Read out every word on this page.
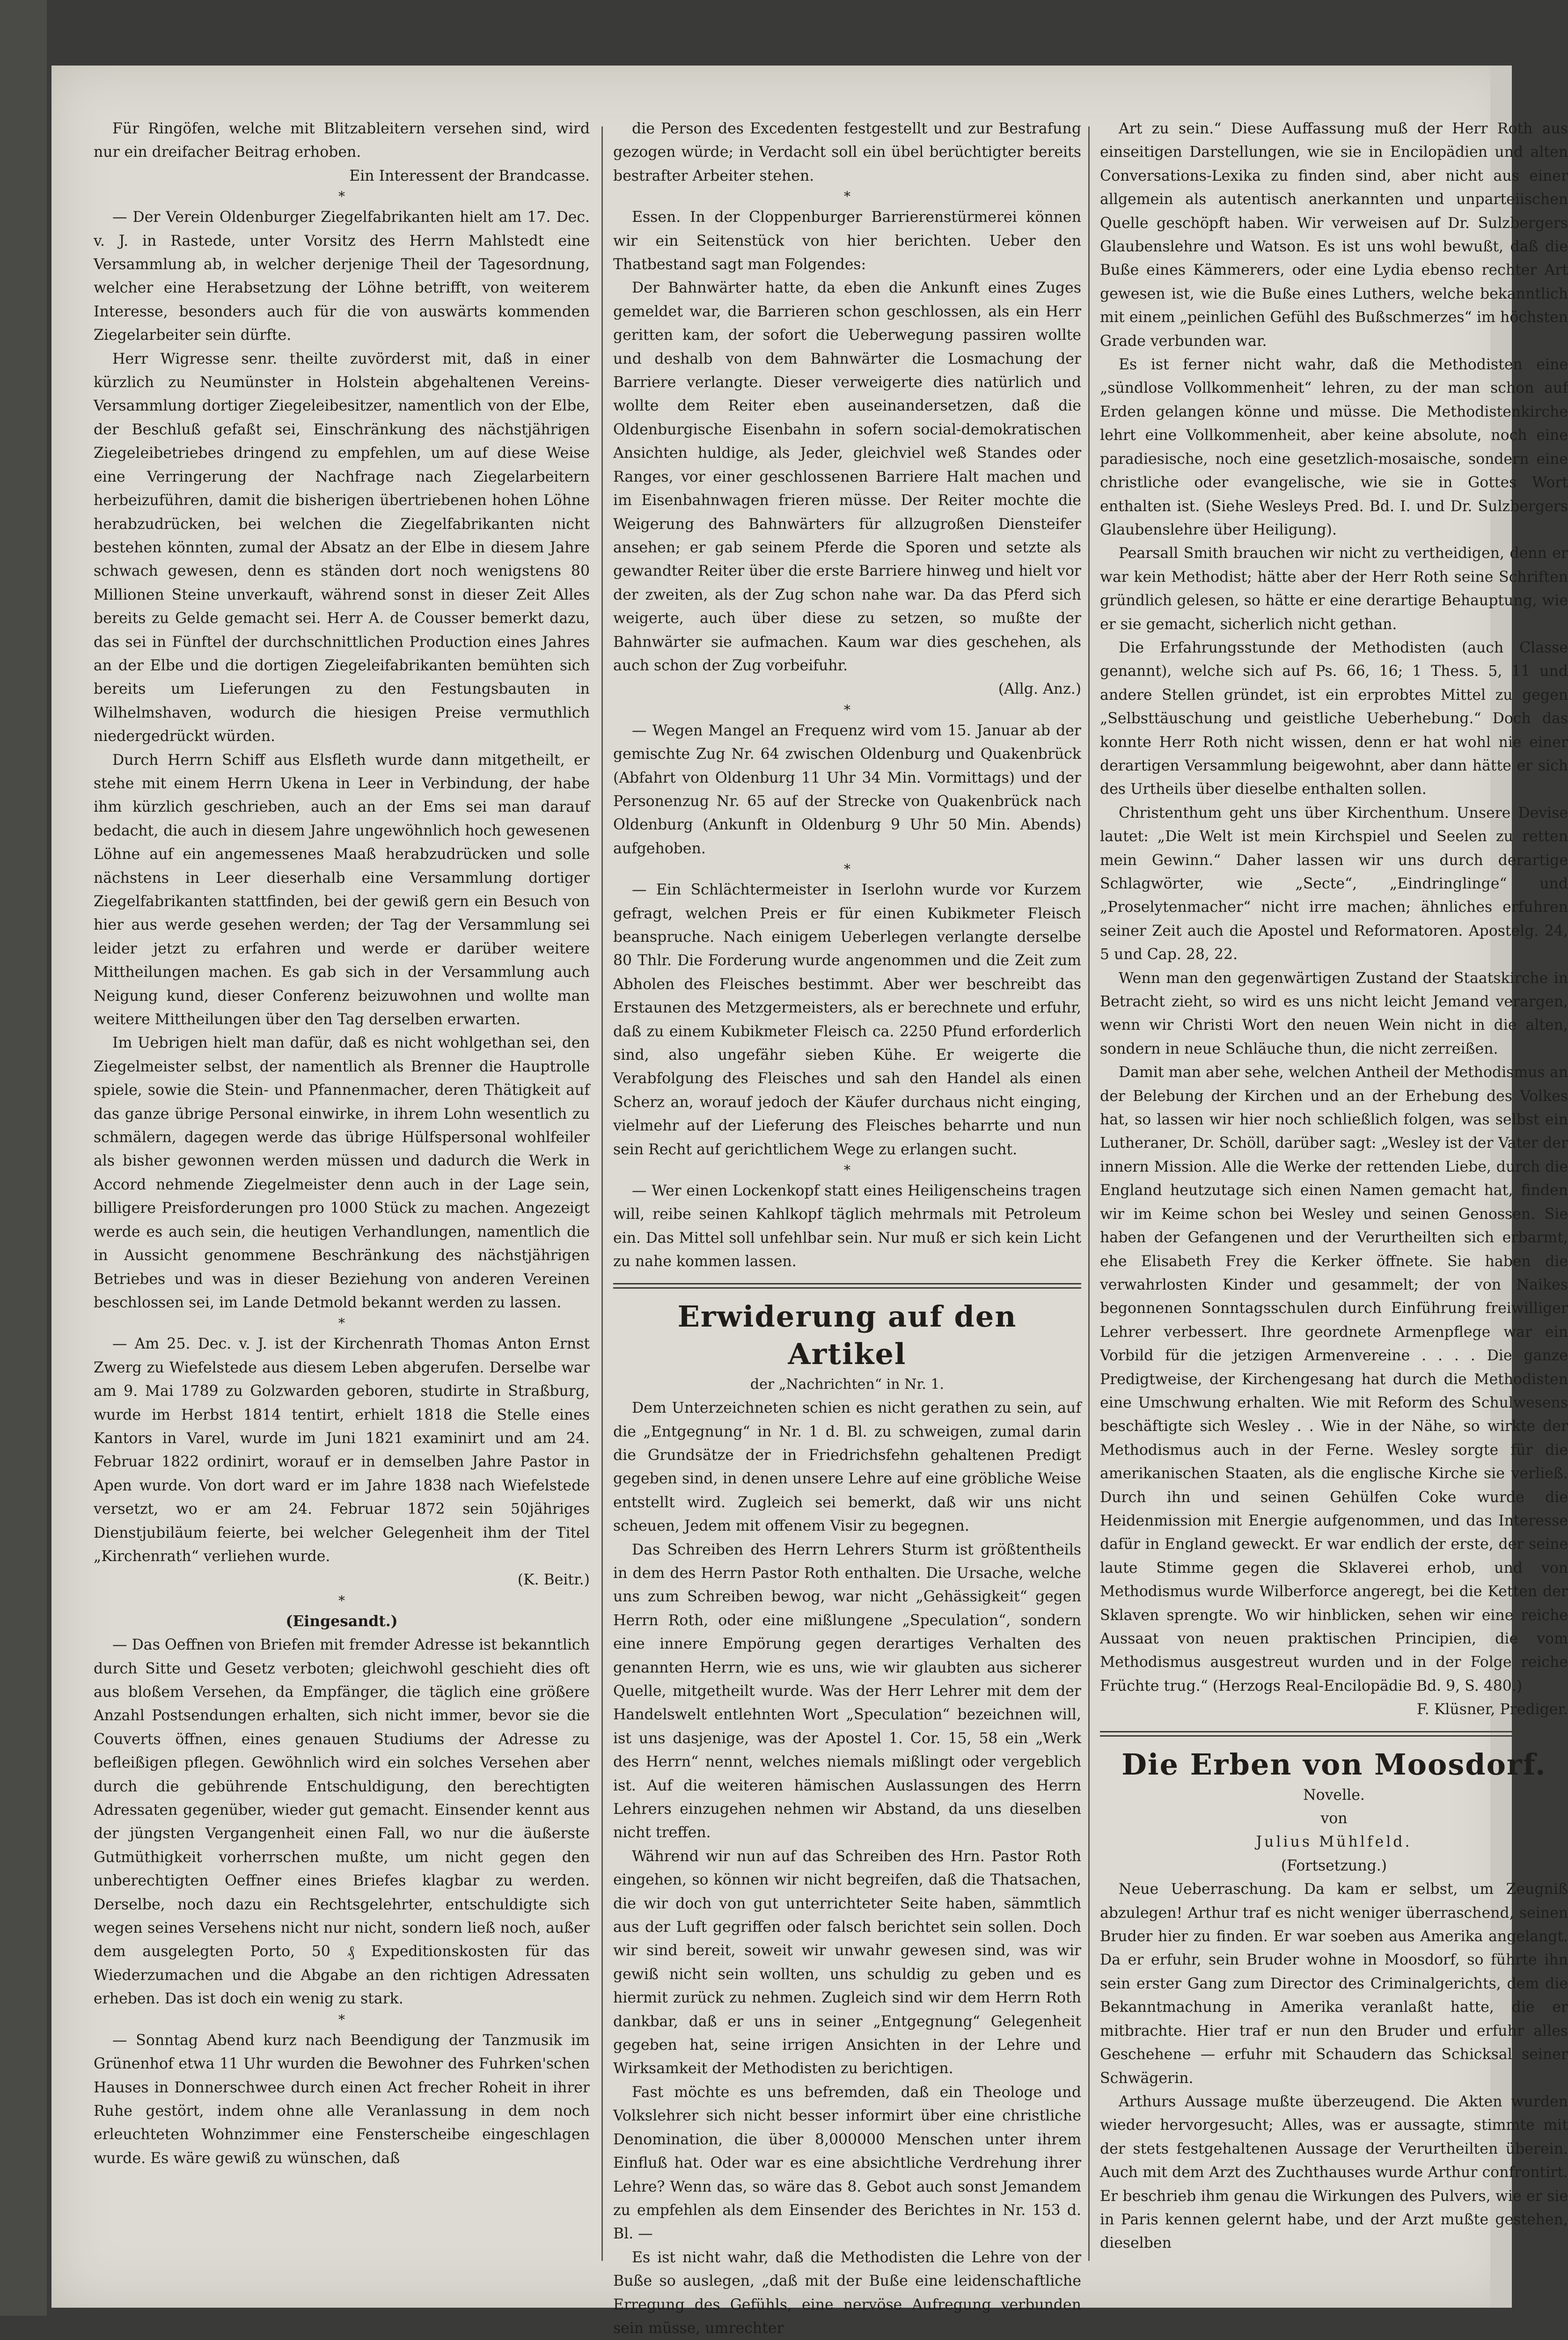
Für Ringöfen, welche mit Blitzableitern versehen sind, wird nur ein dreifacher Beitrag erhoben.

Ein Interessent der Brandcasse.

*

— Der Verein Oldenburger Ziegelfabrikanten hielt am 17. Dec. v. J. in Rastede, unter Vorsitz des Herrn Mahlstedt eine Versammlung ab, in welcher derjenige Theil der Tagesordnung, welcher eine Herabsetzung der Löhne betrifft, von weiterem Interesse, besonders auch für die von auswärts kommenden Ziegelarbeiter sein dürfte.

Herr Wigresse senr. theilte zuvörderst mit, daß in einer kürzlich zu Neumünster in Holstein abgehaltenen Vereins-Versammlung dortiger Ziegeleibesitzer, namentlich von der Elbe, der Beschluß gefaßt sei, Einschränkung des nächstjährigen Ziegeleibetriebes dringend zu empfehlen, um auf diese Weise eine Verringerung der Nachfrage nach Ziegelarbeitern herbeizuführen, damit die bisherigen übertriebenen hohen Löhne herabzudrücken, bei welchen die Ziegelfabrikanten nicht bestehen könnten, zumal der Absatz an der Elbe in diesem Jahre schwach gewesen, denn es ständen dort noch wenigstens 80 Millionen Steine unverkauft, während sonst in dieser Zeit Alles bereits zu Gelde gemacht sei. Herr A. de Cousser bemerkt dazu, das sei in Fünftel der durchschnittlichen Production eines Jahres an der Elbe und die dortigen Ziegeleifabrikanten bemühten sich bereits um Lieferungen zu den Festungsbauten in Wilhelmshaven, wodurch die hiesigen Preise vermuthlich niedergedrückt würden.

Durch Herrn Schiff aus Elsfleth wurde dann mitgetheilt, er stehe mit einem Herrn Ukena in Leer in Verbindung, der habe ihm kürzlich geschrieben, auch an der Ems sei man darauf bedacht, die auch in diesem Jahre ungewöhnlich hoch gewesenen Löhne auf ein angemessenes Maaß herabzudrücken und solle nächstens in Leer dieserhalb eine Versammlung dortiger Ziegelfabrikanten stattfinden, bei der gewiß gern ein Besuch von hier aus werde gesehen werden; der Tag der Versammlung sei leider jetzt zu erfahren und werde er darüber weitere Mittheilungen machen. Es gab sich in der Versammlung auch Neigung kund, dieser Conferenz beizuwohnen und wollte man weitere Mittheilungen über den Tag derselben erwarten.

Im Uebrigen hielt man dafür, daß es nicht wohlgethan sei, den Ziegelmeister selbst, der namentlich als Brenner die Hauptrolle spiele, sowie die Stein- und Pfannenmacher, deren Thätigkeit auf das ganze übrige Personal einwirke, in ihrem Lohn wesentlich zu schmälern, dagegen werde das übrige Hülfspersonal wohlfeiler als bisher gewonnen werden müssen und dadurch die Werk in Accord nehmende Ziegelmeister denn auch in der Lage sein, billigere Preisforderungen pro 1000 Stück zu machen. Angezeigt werde es auch sein, die heutigen Verhandlungen, namentlich die in Aussicht genommene Beschränkung des nächstjährigen Betriebes und was in dieser Beziehung von anderen Vereinen beschlossen sei, im Lande Detmold bekannt werden zu lassen.

*

— Am 25. Dec. v. J. ist der Kirchenrath Thomas Anton Ernst Zwerg zu Wiefelstede aus diesem Leben abgerufen. Derselbe war am 9. Mai 1789 zu Golzwarden geboren, studirte in Straßburg, wurde im Herbst 1814 tentirt, erhielt 1818 die Stelle eines Kantors in Varel, wurde im Juni 1821 examinirt und am 24. Februar 1822 ordinirt, worauf er in demselben Jahre Pastor in Apen wurde. Von dort ward er im Jahre 1838 nach Wiefelstede versetzt, wo er am 24. Februar 1872 sein 50jähriges Dienstjubiläum feierte, bei welcher Gelegenheit ihm der Titel „Kirchenrath“ verliehen wurde.

(K. Beitr.)

*

(Eingesandt.)

— Das Oeffnen von Briefen mit fremder Adresse ist bekanntlich durch Sitte und Gesetz verboten; gleichwohl geschieht dies oft aus bloßem Versehen, da Empfänger, die täglich eine größere Anzahl Postsendungen erhalten, sich nicht immer, bevor sie die Couverts öffnen, eines genauen Studiums der Adresse zu befleißigen pflegen. Gewöhnlich wird ein solches Versehen aber durch die gebührende Entschuldigung, den berechtigten Adressaten gegenüber, wieder gut gemacht. Einsender kennt aus der jüngsten Vergangenheit einen Fall, wo nur die äußerste Gutmüthigkeit vorherrschen mußte, um nicht gegen den unberechtigten Oeffner eines Briefes klagbar zu werden. Derselbe, noch dazu ein Rechtsgelehrter, entschuldigte sich wegen seines Versehens nicht nur nicht, sondern ließ noch, außer dem ausgelegten Porto, 50 ₰ Expeditionskosten für das Wiederzumachen und die Abgabe an den richtigen Adressaten erheben. Das ist doch ein wenig zu stark.

*

— Sonntag Abend kurz nach Beendigung der Tanzmusik im Grünenhof etwa 11 Uhr wurden die Bewohner des Fuhrken'schen Hauses in Donnerschwee durch einen Act frecher Roheit in ihrer Ruhe gestört, indem ohne alle Veranlassung in dem noch erleuchteten Wohnzimmer eine Fensterscheibe eingeschlagen wurde. Es wäre gewiß zu wünschen, daß

die Person des Excedenten festgestellt und zur Bestrafung gezogen würde; in Verdacht soll ein übel berüchtigter bereits bestrafter Arbeiter stehen.

*

Essen. In der Cloppenburger Barrierenstürmerei können wir ein Seitenstück von hier berichten. Ueber den Thatbestand sagt man Folgendes:

Der Bahnwärter hatte, da eben die Ankunft eines Zuges gemeldet war, die Barrieren schon geschlossen, als ein Herr geritten kam, der sofort die Ueberwegung passiren wollte und deshalb von dem Bahnwärter die Losmachung der Barriere verlangte. Dieser verweigerte dies natürlich und wollte dem Reiter eben auseinandersetzen, daß die Oldenburgische Eisenbahn in sofern social-demokratischen Ansichten huldige, als Jeder, gleichviel weß Standes oder Ranges, vor einer geschlossenen Barriere Halt machen und im Eisenbahnwagen frieren müsse. Der Reiter mochte die Weigerung des Bahnwärters für allzugroßen Diensteifer ansehen; er gab seinem Pferde die Sporen und setzte als gewandter Reiter über die erste Barriere hinweg und hielt vor der zweiten, als der Zug schon nahe war. Da das Pferd sich weigerte, auch über diese zu setzen, so mußte der Bahnwärter sie aufmachen. Kaum war dies geschehen, als auch schon der Zug vorbeifuhr.

(Allg. Anz.)

*

— Wegen Mangel an Frequenz wird vom 15. Januar ab der gemischte Zug Nr. 64 zwischen Oldenburg und Quakenbrück (Abfahrt von Oldenburg 11 Uhr 34 Min. Vormittags) und der Personenzug Nr. 65 auf der Strecke von Quakenbrück nach Oldenburg (Ankunft in Oldenburg 9 Uhr 50 Min. Abends) aufgehoben.

*

— Ein Schlächtermeister in Iserlohn wurde vor Kurzem gefragt, welchen Preis er für einen Kubikmeter Fleisch beanspruche. Nach einigem Ueberlegen verlangte derselbe 80 Thlr. Die Forderung wurde angenommen und die Zeit zum Abholen des Fleisches bestimmt. Aber wer beschreibt das Erstaunen des Metzgermeisters, als er berechnete und erfuhr, daß zu einem Kubikmeter Fleisch ca. 2250 Pfund erforderlich sind, also ungefähr sieben Kühe. Er weigerte die Verabfolgung des Fleisches und sah den Handel als einen Scherz an, worauf jedoch der Käufer durchaus nicht einging, vielmehr auf der Lieferung des Fleisches beharrte und nun sein Recht auf gerichtlichem Wege zu erlangen sucht.

*

— Wer einen Lockenkopf statt eines Heiligenscheins tragen will, reibe seinen Kahlkopf täglich mehrmals mit Petroleum ein. Das Mittel soll unfehlbar sein. Nur muß er sich kein Licht zu nahe kommen lassen.

Erwiderung auf den Artikel

der „Nachrichten“ in Nr. 1.

Dem Unterzeichneten schien es nicht gerathen zu sein, auf die „Entgegnung“ in Nr. 1 d. Bl. zu schweigen, zumal darin die Grundsätze der in Friedrichsfehn gehaltenen Predigt gegeben sind, in denen unsere Lehre auf eine gröbliche Weise entstellt wird. Zugleich sei bemerkt, daß wir uns nicht scheuen, Jedem mit offenem Visir zu begegnen.

Das Schreiben des Herrn Lehrers Sturm ist größtentheils in dem des Herrn Pastor Roth enthalten. Die Ursache, welche uns zum Schreiben bewog, war nicht „Gehässigkeit“ gegen Herrn Roth, oder eine mißlungene „Speculation“, sondern eine innere Empörung gegen derartiges Verhalten des genannten Herrn, wie es uns, wie wir glaubten aus sicherer Quelle, mitgetheilt wurde. Was der Herr Lehrer mit dem der Handelswelt entlehnten Wort „Speculation“ bezeichnen will, ist uns dasjenige, was der Apostel 1. Cor. 15, 58 ein „Werk des Herrn“ nennt, welches niemals mißlingt oder vergeblich ist. Auf die weiteren hämischen Auslassungen des Herrn Lehrers einzugehen nehmen wir Abstand, da uns dieselben nicht treffen.

Während wir nun auf das Schreiben des Hrn. Pastor Roth eingehen, so können wir nicht begreifen, daß die Thatsachen, die wir doch von gut unterrichteter Seite haben, sämmtlich aus der Luft gegriffen oder falsch berichtet sein sollen. Doch wir sind bereit, soweit wir unwahr gewesen sind, was wir gewiß nicht sein wollten, uns schuldig zu geben und es hiermit zurück zu nehmen. Zugleich sind wir dem Herrn Roth dankbar, daß er uns in seiner „Entgegnung“ Gelegenheit gegeben hat, seine irrigen Ansichten in der Lehre und Wirksamkeit der Methodisten zu berichtigen.

Fast möchte es uns befremden, daß ein Theologe und Volkslehrer sich nicht besser informirt über eine christliche Denomination, die über 8,000000 Menschen unter ihrem Einfluß hat. Oder war es eine absichtliche Verdrehung ihrer Lehre? Wenn das, so wäre das 8. Gebot auch sonst Jemandem zu empfehlen als dem Einsender des Berichtes in Nr. 153 d. Bl. —

Es ist nicht wahr, daß die Methodisten die Lehre von der Buße so auslegen, „daß mit der Buße eine leidenschaftliche Erregung des Gefühls, eine nervöse Aufregung verbunden sein müsse, umrechter

Art zu sein.“ Diese Auffassung muß der Herr Roth aus einseitigen Darstellungen, wie sie in Encilopädien und alten Conversations-Lexika zu finden sind, aber nicht aus einer allgemein als autentisch anerkannten und unparteiischen Quelle geschöpft haben. Wir verweisen auf Dr. Sulzbergers Glaubenslehre und Watson. Es ist uns wohl bewußt, daß die Buße eines Kämmerers, oder eine Lydia ebenso rechter Art gewesen ist, wie die Buße eines Luthers, welche bekanntlich mit einem „peinlichen Gefühl des Bußschmerzes“ im höchsten Grade verbunden war.

Es ist ferner nicht wahr, daß die Methodisten eine „sündlose Vollkommenheit“ lehren, zu der man schon auf Erden gelangen könne und müsse. Die Methodistenkirche lehrt eine Vollkommenheit, aber keine absolute, noch eine paradiesische, noch eine gesetzlich-mosaische, sondern eine christliche oder evangelische, wie sie in Gottes Wort enthalten ist. (Siehe Wesleys Pred. Bd. I. und Dr. Sulzbergers Glaubenslehre über Heiligung).

Pearsall Smith brauchen wir nicht zu vertheidigen, denn er war kein Methodist; hätte aber der Herr Roth seine Schriften gründlich gelesen, so hätte er eine derartige Behauptung, wie er sie gemacht, sicherlich nicht gethan.

Die Erfahrungsstunde der Methodisten (auch Classe genannt), welche sich auf Ps. 66, 16; 1 Thess. 5, 11 und andere Stellen gründet, ist ein erprobtes Mittel zu gegen „Selbsttäuschung und geistliche Ueberhebung.“ Doch das konnte Herr Roth nicht wissen, denn er hat wohl nie einer derartigen Versammlung beigewohnt, aber dann hätte er sich des Urtheils über dieselbe enthalten sollen.

Christenthum geht uns über Kirchenthum. Unsere Devise lautet: „Die Welt ist mein Kirchspiel und Seelen zu retten mein Gewinn.“ Daher lassen wir uns durch derartige Schlagwörter, wie „Secte“, „Eindringlinge“ und „Proselytenmacher“ nicht irre machen; ähnliches erfuhren seiner Zeit auch die Apostel und Reformatoren. Apostelg. 24, 5 und Cap. 28, 22.

Wenn man den gegenwärtigen Zustand der Staatskirche in Betracht zieht, so wird es uns nicht leicht Jemand verargen, wenn wir Christi Wort den neuen Wein nicht in die alten, sondern in neue Schläuche thun, die nicht zerreißen.

Damit man aber sehe, welchen Antheil der Methodismus an der Belebung der Kirchen und an der Erhebung des Volkes hat, so lassen wir hier noch schließlich folgen, was selbst ein Lutheraner, Dr. Schöll, darüber sagt: „Wesley ist der Vater der innern Mission. Alle die Werke der rettenden Liebe, durch die England heutzutage sich einen Namen gemacht hat, finden wir im Keime schon bei Wesley und seinen Genossen. Sie haben der Gefangenen und der Verurtheilten sich erbarmt, ehe Elisabeth Frey die Kerker öffnete. Sie haben die verwahrlosten Kinder und gesammelt; der von Naikes begonnenen Sonntagsschulen durch Einführung freiwilliger Lehrer verbessert. Ihre geordnete Armenpflege war ein Vorbild für die jetzigen Armenvereine . . . . Die ganze Predigtweise, der Kirchengesang hat durch die Methodisten eine Umschwung erhalten. Wie mit Reform des Schulwesens beschäftigte sich Wesley . . Wie in der Nähe, so wirkte der Methodismus auch in der Ferne. Wesley sorgte für die amerikanischen Staaten, als die englische Kirche sie verließ. Durch ihn und seinen Gehülfen Coke wurde die Heidenmission mit Energie aufgenommen, und das Interesse dafür in England geweckt. Er war endlich der erste, der seine laute Stimme gegen die Sklaverei erhob, und von Methodismus wurde Wilberforce angeregt, bei die Ketten der Sklaven sprengte. Wo wir hinblicken, sehen wir eine reiche Aussaat von neuen praktischen Principien, die vom Methodismus ausgestreut wurden und in der Folge reiche Früchte trug.“ (Herzogs Real-Encilopädie Bd. 9, S. 480.)

F. Klüsner, Prediger.

Die Erben von Moosdorf.

Novelle.

von

Julius Mühlfeld.

(Fortsetzung.)

Neue Ueberraschung. Da kam er selbst, um Zeugniß abzulegen! Arthur traf es nicht weniger überraschend, seinen Bruder hier zu finden. Er war soeben aus Amerika angelangt. Da er erfuhr, sein Bruder wohne in Moosdorf, so führte ihn sein erster Gang zum Director des Criminalgerichts, dem die Bekanntmachung in Amerika veranlaßt hatte, die er mitbrachte. Hier traf er nun den Bruder und erfuhr alles Geschehene — erfuhr mit Schaudern das Schicksal seiner Schwägerin.

Arthurs Aussage mußte überzeugend. Die Akten wurden wieder hervorgesucht; Alles, was er aussagte, stimmte mit der stets festgehaltenen Aussage der Verurtheilten überein. Auch mit dem Arzt des Zuchthauses wurde Arthur confrontirt. Er beschrieb ihm genau die Wirkungen des Pulvers, wie er sie in Paris kennen gelernt habe, und der Arzt mußte gestehen, dieselben
